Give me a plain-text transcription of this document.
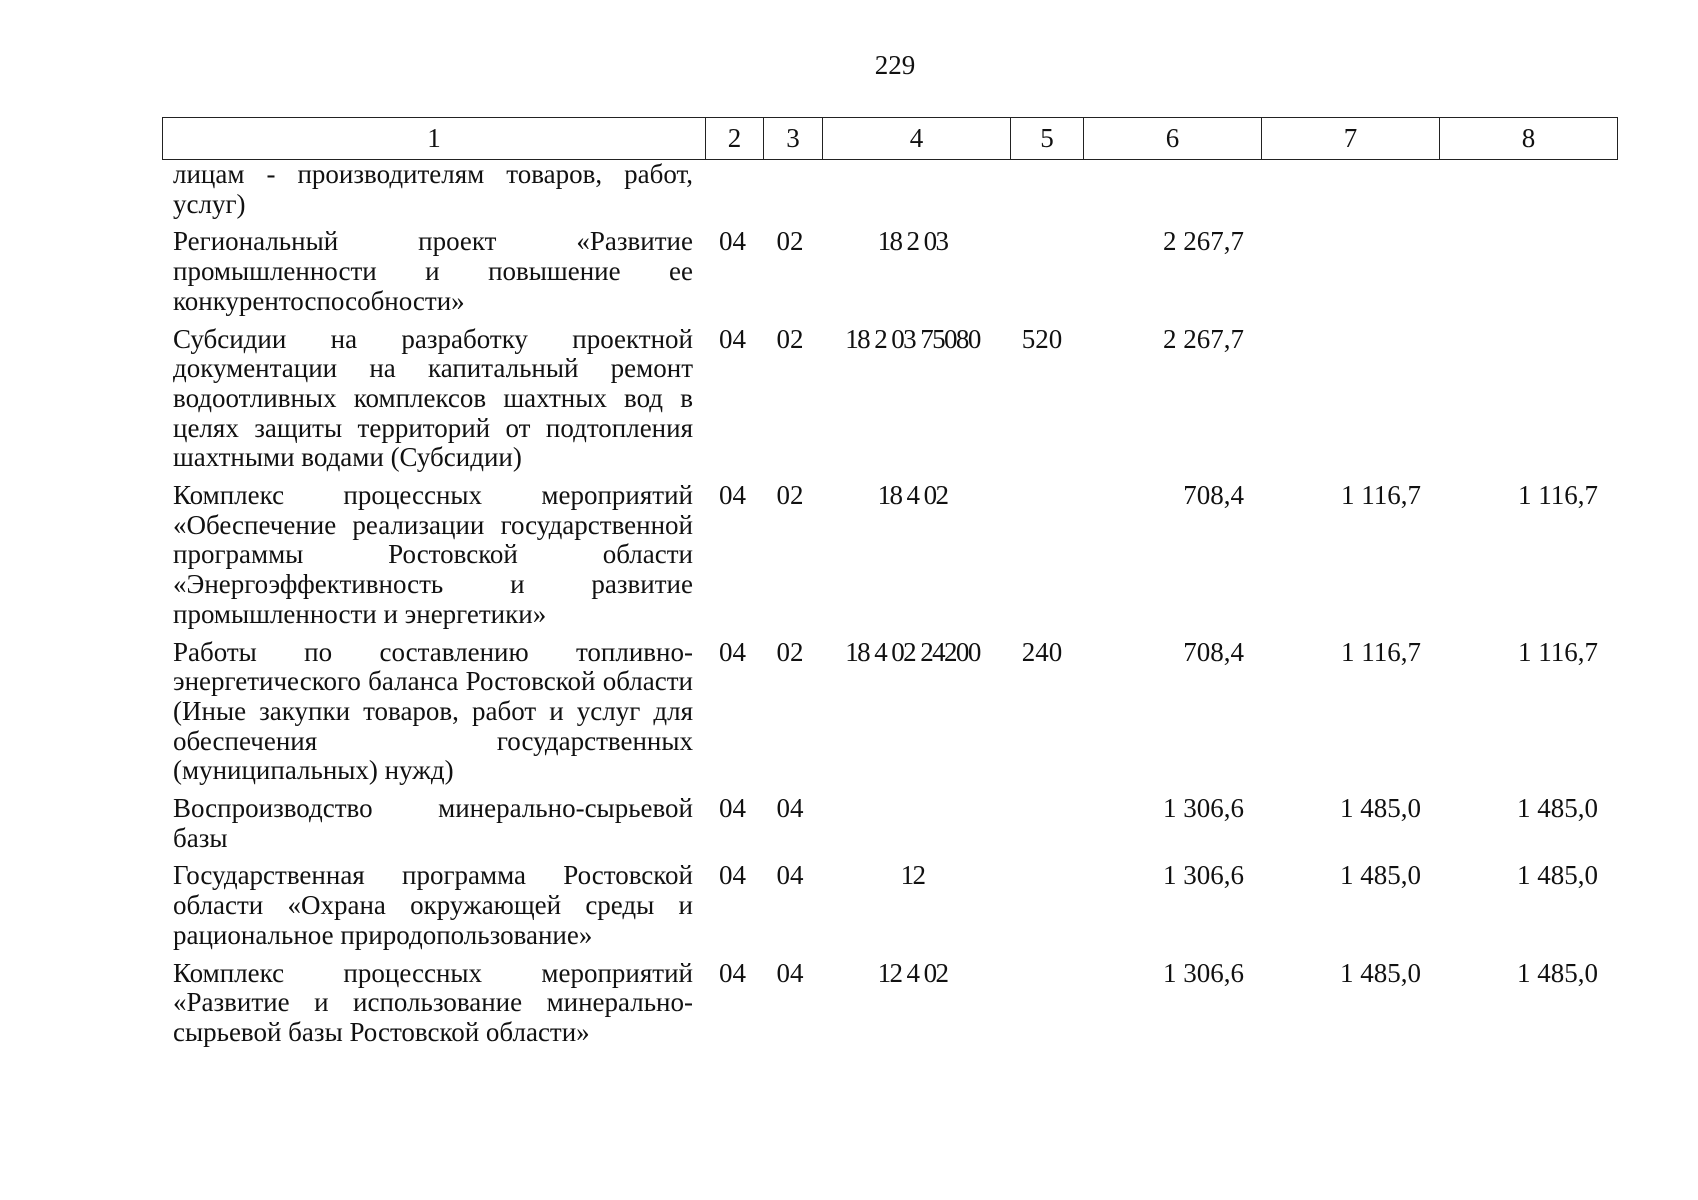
229
1	2	3	4	5	6	7	8
лицам - производителям товаров, работ, услуг)							
Региональный проект «Развитие промышленности и повышение ее конкурентоспособности»	04	02	18 2 03		2 267,7		
Субсидии на разработку проектной документации на капитальный ремонт водоотливных комплексов шахтных вод в целях защиты территорий от подтопления шахтными водами (Субсидии)	04	02	18 2 03 75080	520	2 267,7		
Комплекс процессных мероприятий «Обеспечение реализации государственной программы Ростовской области «Энергоэффективность и развитие промышленности и энергетики»	04	02	18 4 02		708,4	1 116,7	1 116,7
Работы по составлению топливно-энергетического баланса Ростовской области (Иные закупки товаров, работ и услуг для обеспечения государственных (муниципальных) нужд)	04	02	18 4 02 24200	240	708,4	1 116,7	1 116,7
Воспроизводство минерально-сырьевой базы	04	04			1 306,6	1 485,0	1 485,0
Государственная программа Ростовской области «Охрана окружающей среды и рациональное природопользование»	04	04	12		1 306,6	1 485,0	1 485,0
Комплекс процессных мероприятий «Развитие и использование минерально-сырьевой базы Ростовской области»	04	04	12 4 02		1 306,6	1 485,0	1 485,0
